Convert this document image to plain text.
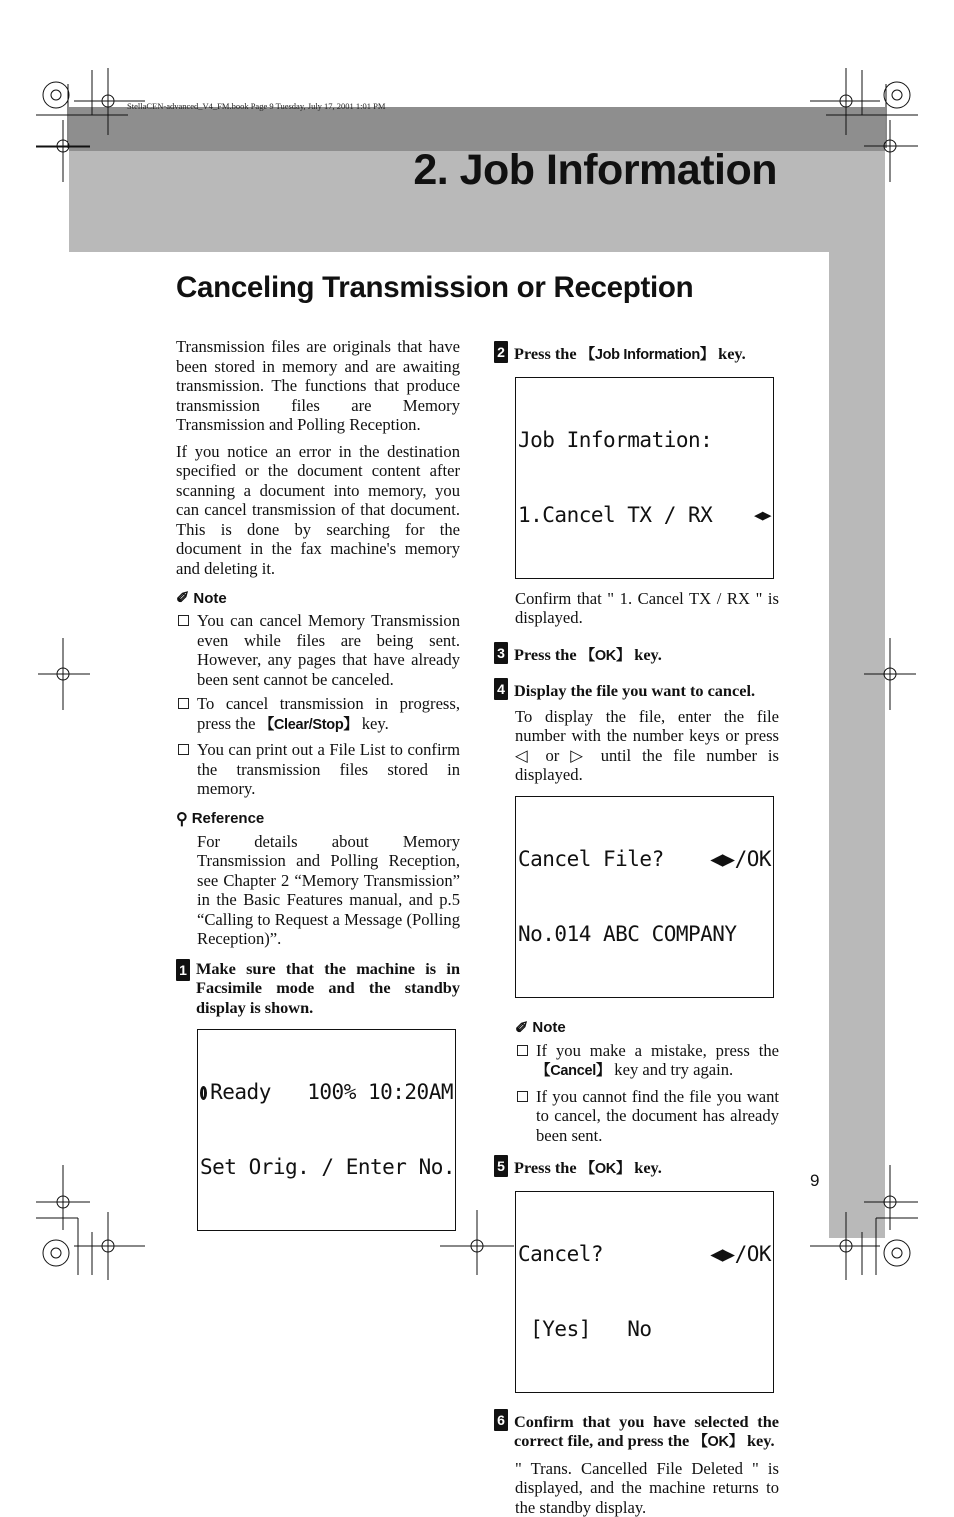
StellaCEN-advanced_V4_FM.book Page 9 Tuesday, July 17, 2001 1:01 PM
2. Job Information
Canceling Transmission or Reception

Transmission files are originals that have been stored in memory and are awaiting transmission. The functions that produce transmission files are Memory Transmission and Polling Reception.

If you notice an error in the destination specified or the document content after scanning a document into memory, you can cancel transmission of that document. This is done by searching for the document in the fax machine's memory and deleting it.

✐ Note
You can cancel Memory Transmission even while files are being sent. However, any pages that have already been sent cannot be canceled.
To cancel transmission in progress, press the 【Clear/Stop】 key.
You can print out a File List to confirm the transmission files stored in memory.
⚲ Reference

For details about Memory Transmission and Polling Reception, see Chapter 2 “Memory Transmission” in the Basic Features manual, and p.5 “Calling to Request a Message (Polling Reception)”.

1 Make sure that the machine is in Facsimile mode and the standby display is shown.

Ready   100% 10:20AM

Set Orig. / Enter No.

2 Press the 【Job Information】 key.

Job Information:

1.Cancel TX / RX	◀▶

Confirm that " 1. Cancel TX / RX " is displayed.

3 Press the 【OK】 key.
4 Display the file you want to cancel.

To display the file, enter the file number with the number keys or press ◁ or ▷ until the file number is displayed.

Cancel File? ◀▶/OK

No.014 ABC COMPANY

✐ Note
If you make a mistake, press the 【Cancel】 key and try again.
If you cannot find the file you want to cancel, the document has already been sent.
5 Press the 【OK】 key.

Cancel?	◀▶/OK

[Yes]   No

6 Confirm that you have selected the correct file, and press the 【OK】 key.

" Trans. Cancelled File Deleted " is displayed, and the machine returns to the standby display.

9
